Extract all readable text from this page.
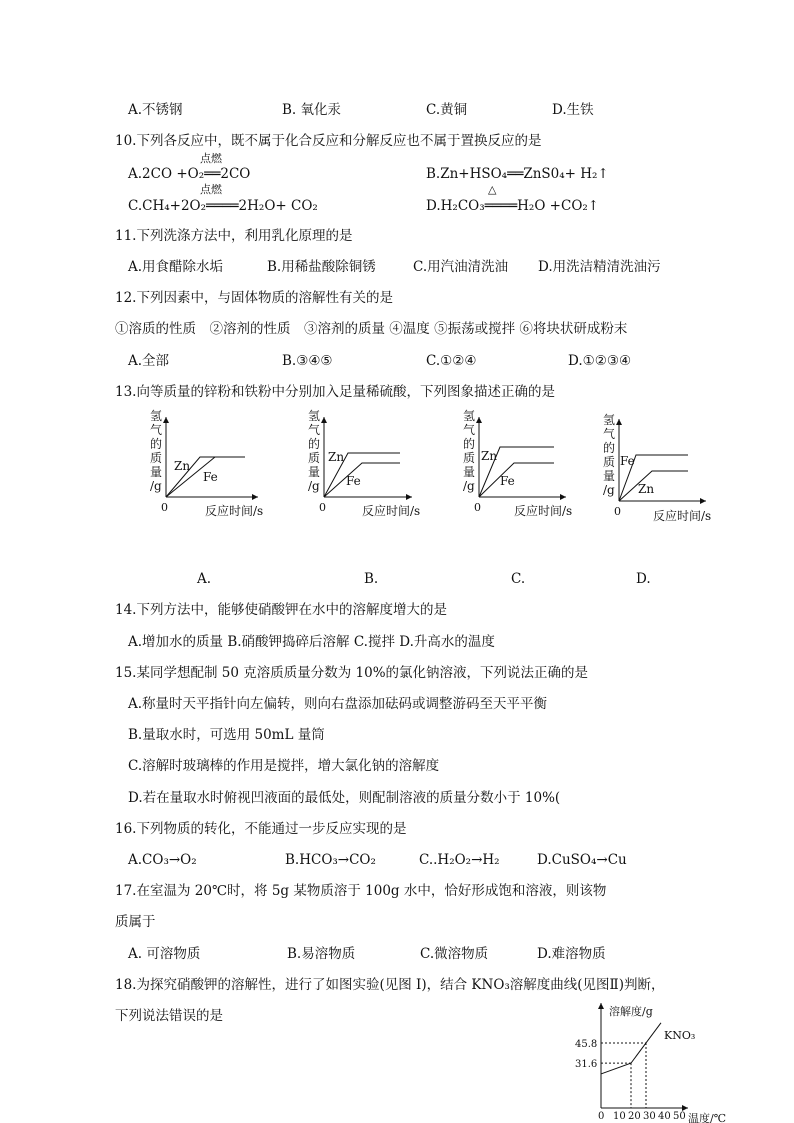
A.不锈钢	B. 氧化汞	C.黄铜	D.生铁
10.下列各反应中，既不属于化合反应和分解反应也不属于置换反应的是
点燃
A.2CO +O₂══2CO	B.Zn+HSO₄══ZnS0₄+ H₂↑
点燃	△
C.CH₄+2O₂════2H₂O+ CO₂	D.H₂CO₃════H₂O +CO₂↑
11.下列洗涤方法中，利用乳化原理的是
A.用食醋除水垢	B.用稀盐酸除铜锈	C.用汽油清洗油 D.用洗洁精清洗油污
12.下列因素中，与固体物质的溶解性有关的是
①溶质的性质　②溶剂的性质　③溶剂的质量 ④温度 ⑤振荡或搅拌 ⑥将块状研成粉末
A.全部	B.③④⑤	C.①②④	D.①②③④
13.向等质量的锌粉和铁粉中分别加入足量稀硫酸，下列图象描述正确的是
氢
气
的
质
量
/g
0	反应时间/s
Zn
Fe
氢
气
的
质
量
/g
0	反应时间/s
Zn
Fe
氢
气
的
质
量
/g
0	反应时间/s
Zn
Fe
氢
气
的
质
量
/g
0	反应时间/s
Fe
Zn
A.	B.	C.	D.
14.下列方法中，能够使硝酸钾在水中的溶解度增大的是
A.增加水的质量 B.硝酸钾捣碎后溶解 C.搅拌 D.升高水的温度
15.某同学想配制 50 克溶质质量分数为 10%的氯化钠溶液，下列说法正确的是
A.称量时天平指针向左偏转，则向右盘添加砝码或调整游码至天平平衡
B.量取水时，可选用 50mL 量筒
C.溶解时玻璃棒的作用是搅拌，增大氯化钠的溶解度
D.若在量取水时俯视凹液面的最低处，则配制溶液的质量分数小于 10%(
16.下列物质的转化，不能通过一步反应实现的是
A.CO₃→O₂	B.HCO₃→CO₂	C..H₂O₂→H₂	D.CuSO₄→Cu
17.在室温为 20℃时，将 5g 某物质溶于 100g 水中，恰好形成饱和溶液，则该物
质属于
A. 可溶物质	B.易溶物质	C.微溶物质	D.难溶物质
18.为探究硝酸钾的溶解性，进行了如图实验(见图 I)，结合 KNO₃溶解度曲线(见图Ⅱ)判断，
下列说法错误的是	溶解度/g
温度/℃
0 10 20 30 40 50
31.6
45.8
KNO₃
